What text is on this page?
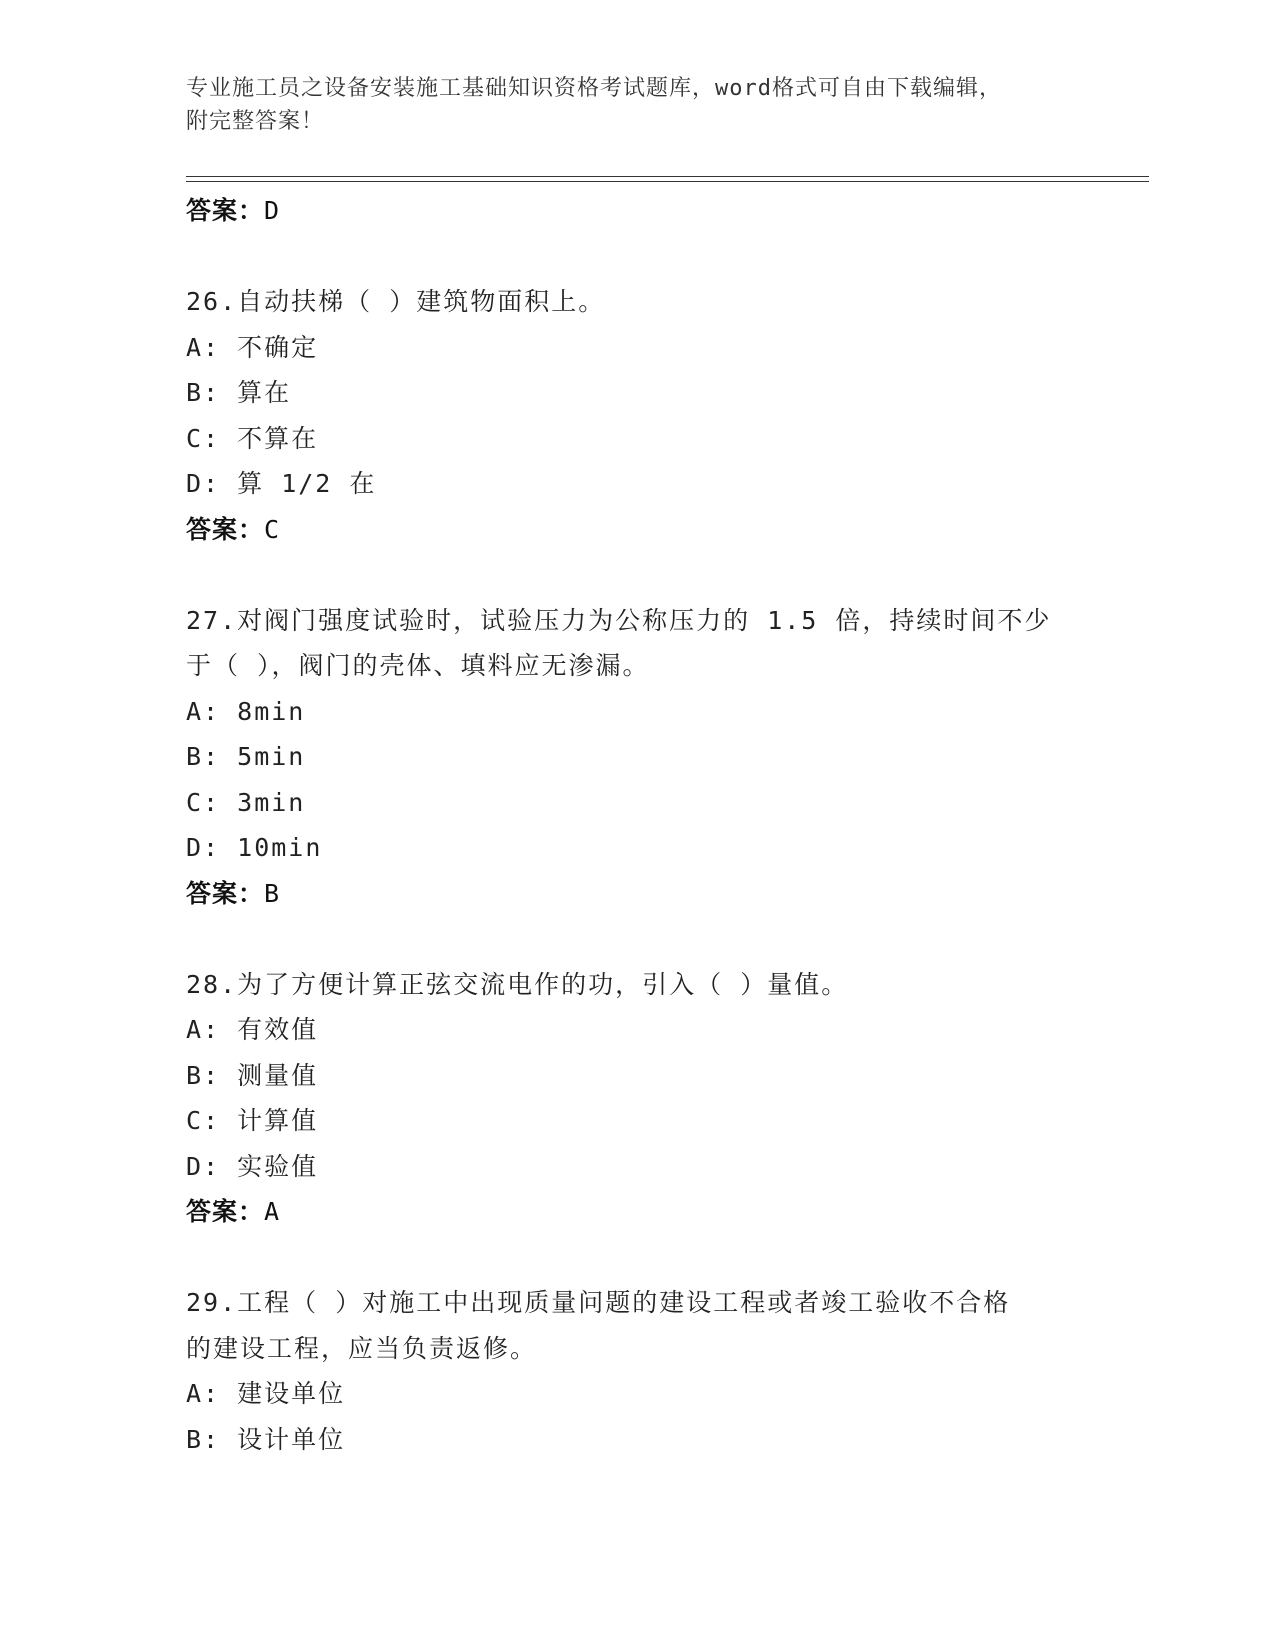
专业施工员之设备安装施工基础知识资格考试题库，word格式可自由下载编辑，
附完整答案！
答案：D
26.自动扶梯（ ）建筑物面积上。
A: 不确定
B: 算在
C: 不算在
D: 算 1/2 在
答案：C
27.对阀门强度试验时，试验压力为公称压力的 1.5 倍，持续时间不少
于（ ），阀门的壳体、填料应无渗漏。
A: 8min
B: 5min
C: 3min
D: 10min
答案：B
28.为了方便计算正弦交流电作的功，引入（ ）量值。
A: 有效值
B: 测量值
C: 计算值
D: 实验值
答案：A
29.工程（ ）对施工中出现质量问题的建设工程或者竣工验收不合格
的建设工程，应当负责返修。
A: 建设单位
B: 设计单位
